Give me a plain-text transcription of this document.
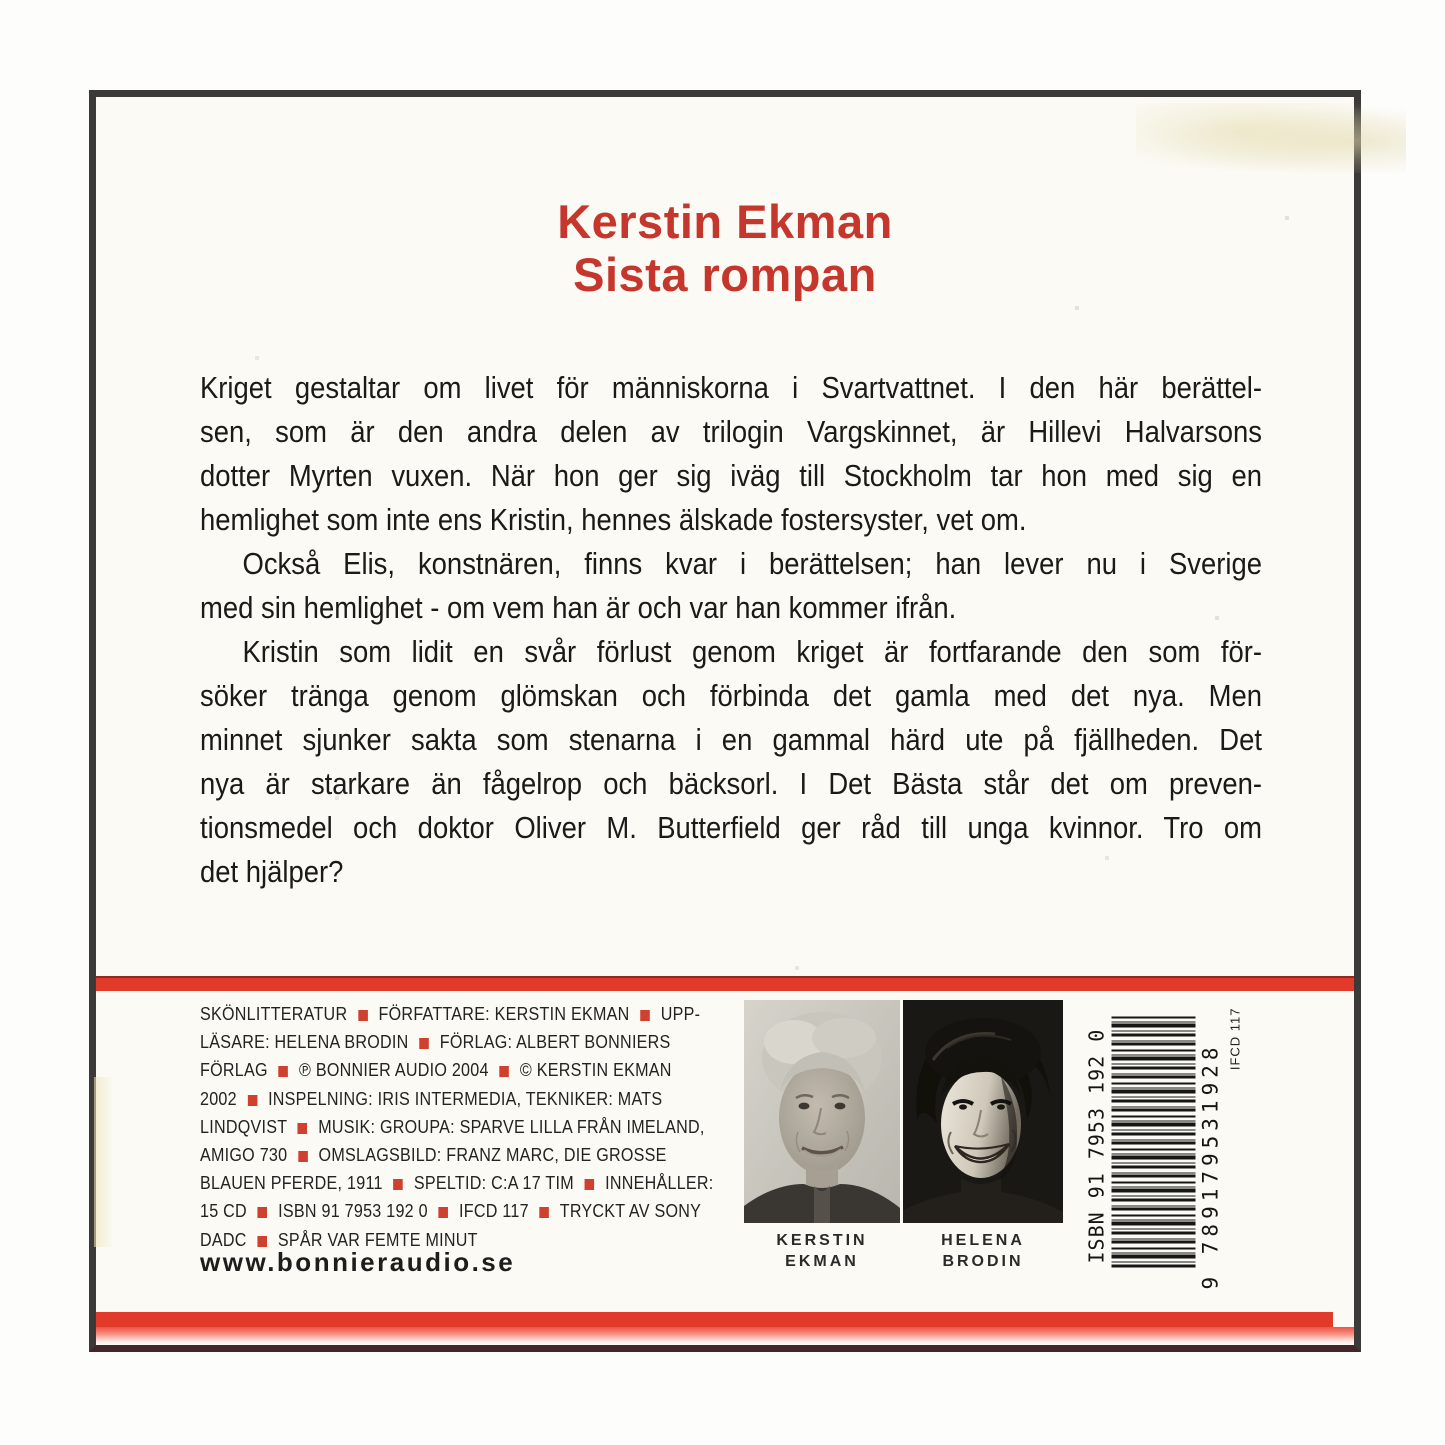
Kerstin Ekman
Sista rompan
Kriget gestaltar om livet för människorna i Svartvattnet. I den här berättel-
sen, som är den andra delen av trilogin Vargskinnet, är Hillevi Halvarsons
dotter Myrten vuxen. När hon ger sig iväg till Stockholm tar hon med sig en
hemlighet som inte ens Kristin, hennes älskade fostersyster, vet om.
Också Elis, konstnären, finns kvar i berättelsen; han lever nu i Sverige
med sin hemlighet - om vem han är och var han kommer ifrån.
Kristin som lidit en svår förlust genom kriget är fortfarande den som för-
söker tränga genom glömskan och förbinda det gamla med det nya. Men
minnet sjunker sakta som stenarna i en gammal härd ute på fjällheden. Det
nya är starkare än fågelrop och bäcksorl. I Det Bästa står det om preven-
tionsmedel och doktor Oliver M. Butterfield ger råd till unga kvinnor. Tro om
det hjälper?
SKÖNLITTERATUR  FÖRFATTARE: KERSTIN EKMAN  UPP-
LÄSARE: HELENA BRODIN  FÖRLAG: ALBERT BONNIERS
FÖRLAG  ℗ BONNIER AUDIO 2004  © KERSTIN EKMAN
2002  INSPELNING: IRIS INTERMEDIA, TEKNIKER: MATS
LINDQVIST  MUSIK: GROUPA: SPARVE LILLA FRÅN IMELAND,
AMIGO 730  OMSLAGSBILD: FRANZ MARC, DIE GROSSE
BLAUEN PFERDE, 1911  SPELTID: C:A 17 TIM  INNEHÅLLER:
15 CD  ISBN 91 7953 192 0  IFCD 117  TRYCKT AV SONY
DADC  SPÅR VAR FEMTE MINUT
www.bonnieraudio.se
KERSTIN
EKMAN
HELENA
BRODIN	ISBN 91 7953 192 0	9 789179531928
IFCD 117
